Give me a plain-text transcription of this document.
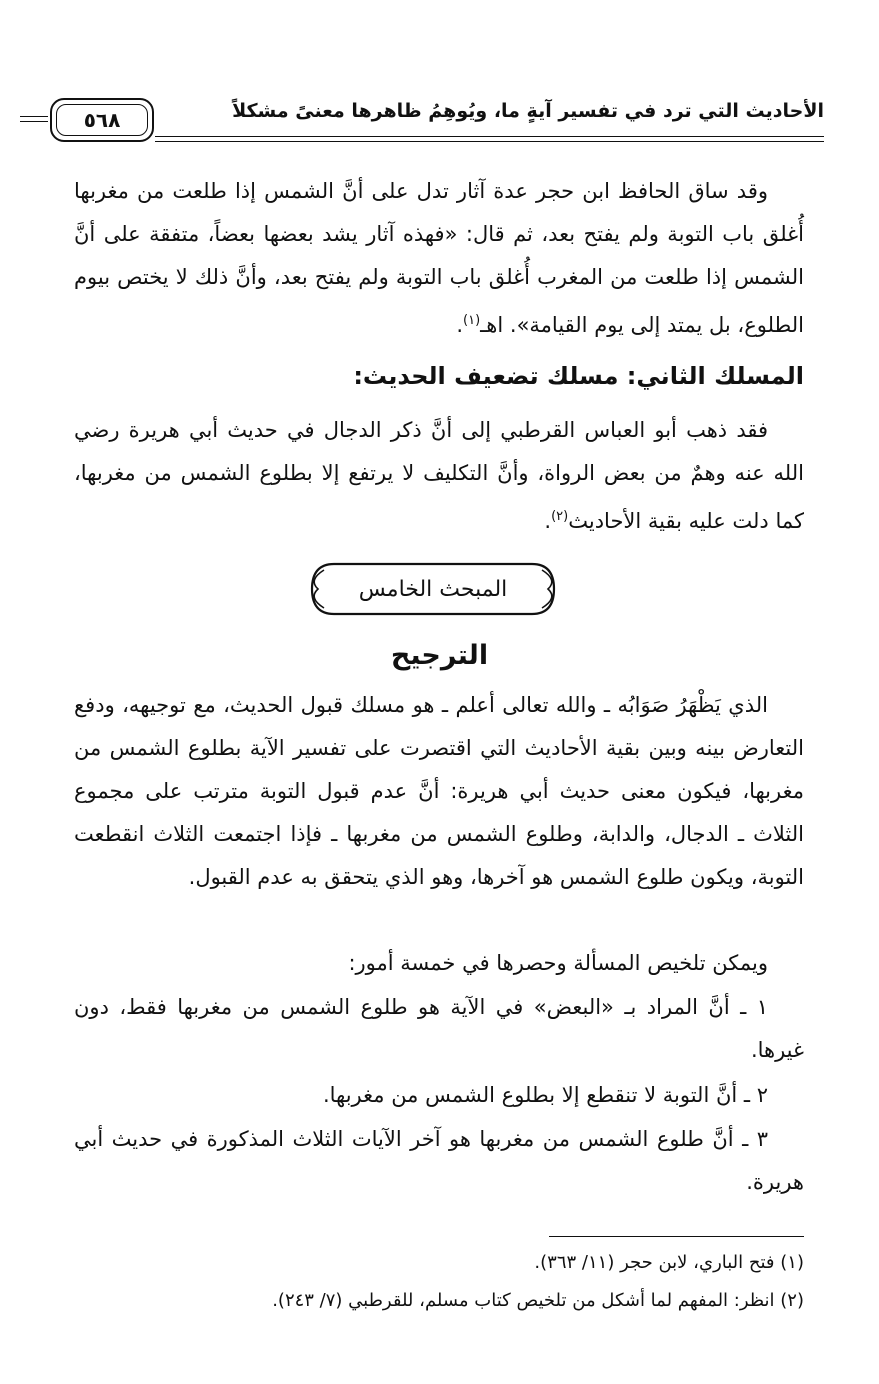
الأحاديث التي ترد في تفسير آيةٍ ما، ويُوهِمُ ظاهرها معنىً مشكلاً
٥٦٨
وقد ساق الحافظ ابن حجر عدة آثار تدل على أنَّ الشمس إذا طلعت من مغربها أُغلق باب التوبة ولم يفتح بعد، ثم قال: «فهذه آثار يشد بعضها بعضاً، متفقة على أنَّ الشمس إذا طلعت من المغرب أُغلق باب التوبة ولم يفتح بعد، وأنَّ ذلك لا يختص بيوم الطلوع، بل يمتد إلى يوم القيامة». اهـ$^{(١)}$.
المسلك الثاني: مسلك تضعيف الحديث:
فقد ذهب أبو العباس القرطبي إلى أنَّ ذكر الدجال في حديث أبي هريرة رضي الله عنه وهمٌ من بعض الرواة، وأنَّ التكليف لا يرتفع إلا بطلوع الشمس من مغربها، كما دلت عليه بقية الأحاديث$^{(٢)}$.
المبحث الخامس
الترجيح
الذي يَظْهَرُ صَوَابُه ـ والله تعالى أعلم ـ هو مسلك قبول الحديث، مع توجيهه، ودفع التعارض بينه وبين بقية الأحاديث التي اقتصرت على تفسير الآية بطلوع الشمس من مغربها، فيكون معنى حديث أبي هريرة: أنَّ عدم قبول التوبة مترتب على مجموع الثلاث ـ الدجال، والدابة، وطلوع الشمس من مغربها ـ فإذا اجتمعت الثلاث انقطعت التوبة، ويكون طلوع الشمس هو آخرها، وهو الذي يتحقق به عدم القبول.
ويمكن تلخيص المسألة وحصرها في خمسة أمور:
١ ـ أنَّ المراد بـ «البعض» في الآية هو طلوع الشمس من مغربها فقط، دون غيرها.
٢ ـ أنَّ التوبة لا تنقطع إلا بطلوع الشمس من مغربها.
٣ ـ أنَّ طلوع الشمس من مغربها هو آخر الآيات الثلاث المذكورة في حديث أبي هريرة.
(١) فتح الباري، لابن حجر (١١/ ٣٦٣).
(٢) انظر: المفهم لما أشكل من تلخيص كتاب مسلم، للقرطبي (٧/ ٢٤٣).
